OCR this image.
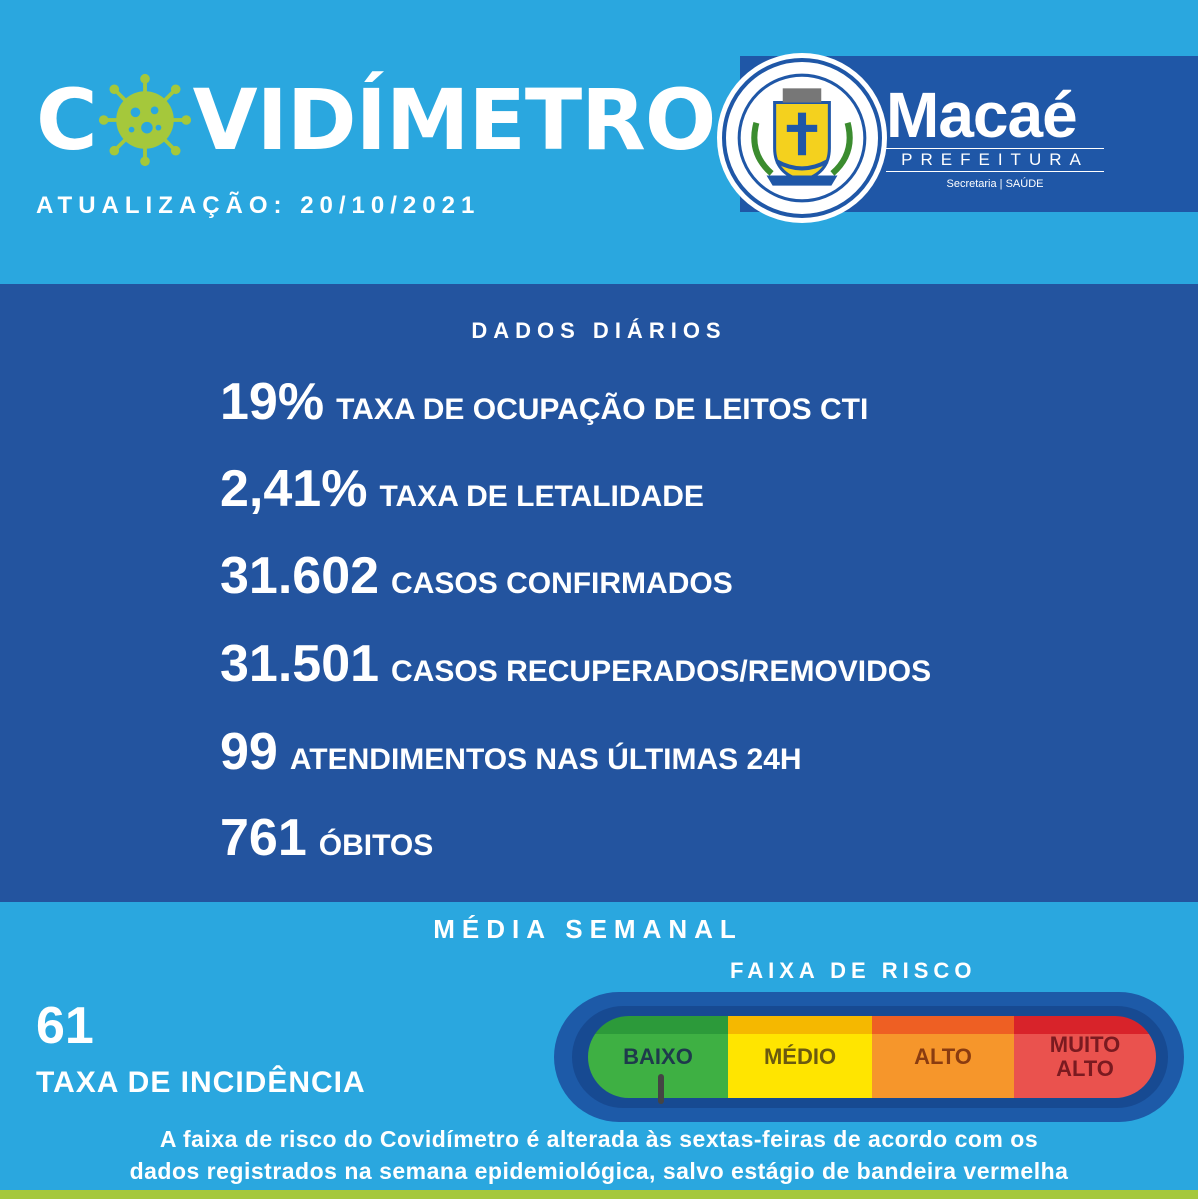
C VIDÍMETRO
ATUALIZAÇÃO: 20/10/2021
Macaé
PREFEITURA
Secretaria | SAÚDE
DADOS DIÁRIOS
19% TAXA DE OCUPAÇÃO DE LEITOS CTI
2,41% TAXA DE LETALIDADE
31.602 CASOS CONFIRMADOS
31.501 CASOS RECUPERADOS/REMOVIDOS
99 ATENDIMENTOS NAS ÚLTIMAS 24H
761 ÓBITOS
MÉDIA SEMANAL
61
TAXA DE INCIDÊNCIA
FAIXA DE RISCO
BAIXO	MÉDIO	ALTO	MUITO ALTO
A faixa de risco do Covidímetro é alterada às sextas-feiras de acordo com os
dados registrados na semana epidemiológica, salvo estágio de bandeira vermelha
